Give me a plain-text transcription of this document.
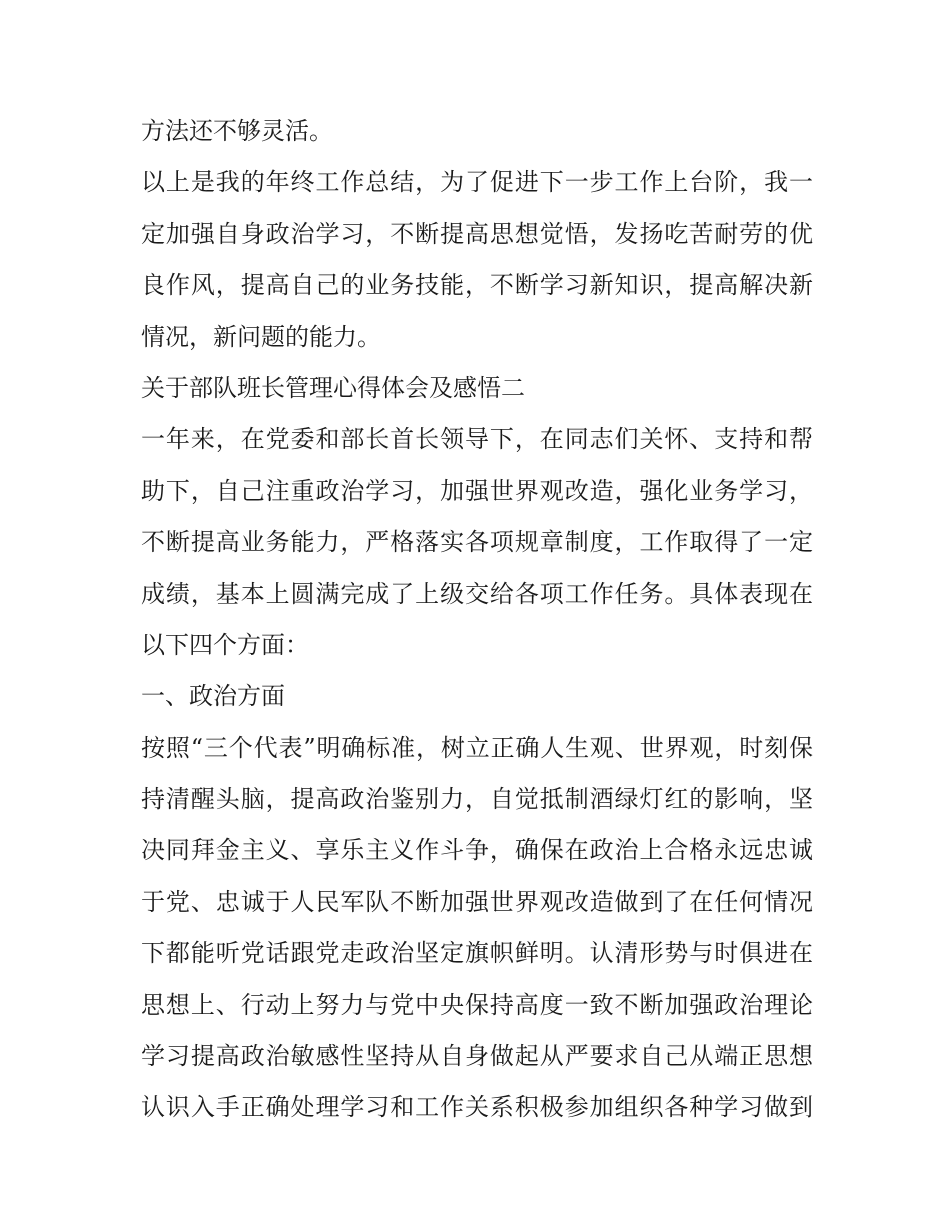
方法还不够灵活。
以上是我的年终工作总结，为了促进下一步工作上台阶，我一
定加强自身政治学习，不断提高思想觉悟，发扬吃苦耐劳的优
良作风，提高自己的业务技能，不断学习新知识，提高解决新
情况，新问题的能力。
关于部队班长管理心得体会及感悟二
一年来，在党委和部长首长领导下，在同志们关怀、支持和帮
助下，自己注重政治学习，加强世界观改造，强化业务学习，
不断提高业务能力，严格落实各项规章制度，工作取得了一定
成绩，基本上圆满完成了上级交给各项工作任务。具体表现在
以下四个方面：
一、政治方面
按照“三个代表”明确标准，树立正确人生观、世界观，时刻保
持清醒头脑，提高政治鉴别力，自觉抵制酒绿灯红的影响，坚
决同拜金主义、享乐主义作斗争，确保在政治上合格永远忠诚
于党、忠诚于人民军队不断加强世界观改造做到了在任何情况
下都能听党话跟党走政治坚定旗帜鲜明。认清形势与时俱进在
思想上、行动上努力与党中央保持高度一致不断加强政治理论
学习提高政治敏感性坚持从自身做起从严要求自己从端正思想
认识入手正确处理学习和工作关系积极参加组织各种学习做到
